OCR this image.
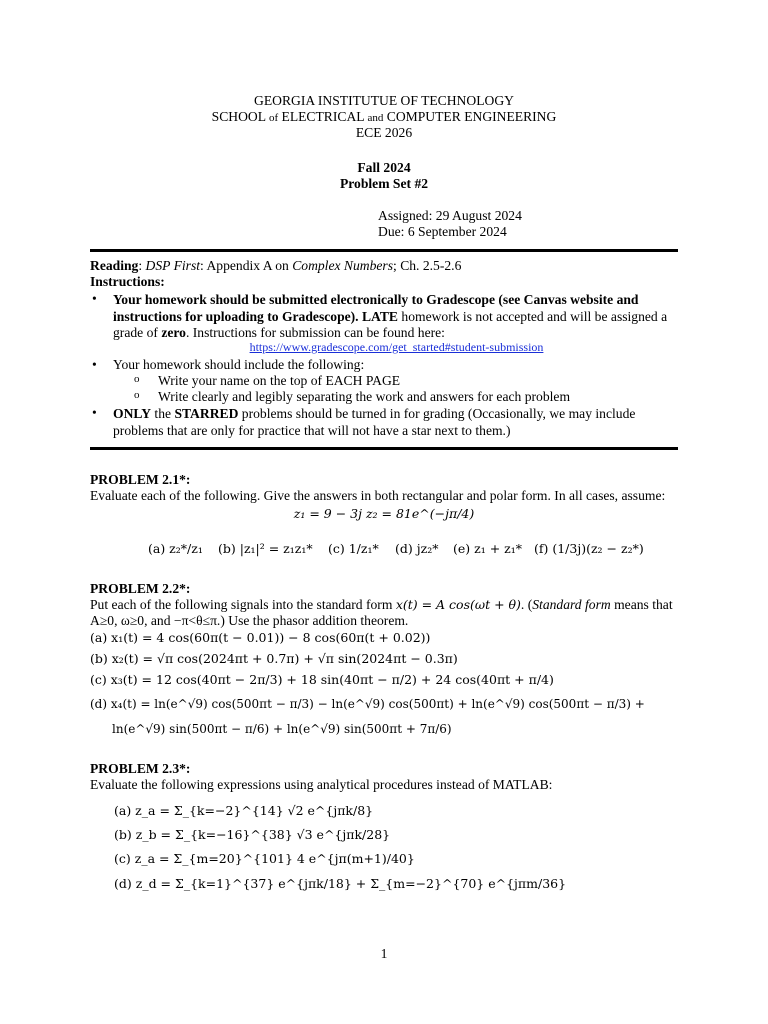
GEORGIA INSTITUTUE OF TECHNOLOGY
SCHOOL of ELECTRICAL and COMPUTER ENGINEERING
ECE 2026
Fall 2024
Problem Set #2
Assigned: 29 August 2024
Due: 6 September 2024
Reading: DSP First: Appendix A on Complex Numbers; Ch. 2.5-2.6
Instructions:
• Your homework should be submitted electronically to Gradescope (see Canvas website and
instructions for uploading to Gradescope). LATE homework is not accepted and will be assigned a
grade of zero. Instructions for submission can be found here:
https://www.gradescope.com/get_started#student-submission
• Your homework should include the following:
o Write your name on the top of EACH PAGE
o Write clearly and legibly separating the work and answers for each problem
• ONLY the STARRED problems should be turned in for grading (Occasionally, we may include
problems that are only for practice that will not have a star next to them.)
PROBLEM 2.1*:
Evaluate each of the following. Give the answers in both rectangular and polar form. In all cases, assume:
z₁ = 9 − 3j z₂ = 81e^(−jπ/4)
(a) z₂*/z₁ (b) |z₁|² = z₁z₁* (c) 1/z₁* (d) jz₂* (e) z₁ + z₁* (f) (1/3j)(z₂ − z₂*)
PROBLEM 2.2*:
Put each of the following signals into the standard form x(t) = A cos(ωt + θ). (Standard form means that
A≥0, ω≥0, and −π<θ≤π.) Use the phasor addition theorem.
(a) x₁(t) = 4 cos(60π(t − 0.01)) − 8 cos(60π(t + 0.02))
(b) x₂(t) = √π cos(2024πt + 0.7π) + √π sin(2024πt − 0.3π)
(c) x₃(t) = 12 cos(40πt − 2π/3) + 18 sin(40πt − π/2) + 24 cos(40πt + π/4)
(d) x₄(t) = ln(e^√9) cos(500πt − π/3) − ln(e^√9) cos(500πt) + ln(e^√9) cos(500πt − π/3) +
ln(e^√9) sin(500πt − π/6) + ln(e^√9) sin(500πt + 7π/6)
PROBLEM 2.3*:
Evaluate the following expressions using analytical procedures instead of MATLAB:
(a) z_a = Σ_{k=−2}^{14} √2 e^{jπk/8}
(b) z_b = Σ_{k=−16}^{38} √3 e^{jπk/28}
(c) z_a = Σ_{m=20}^{101} 4 e^{jπ(m+1)/40}
(d) z_d = Σ_{k=1}^{37} e^{jπk/18} + Σ_{m=−2}^{70} e^{jπm/36}
1
